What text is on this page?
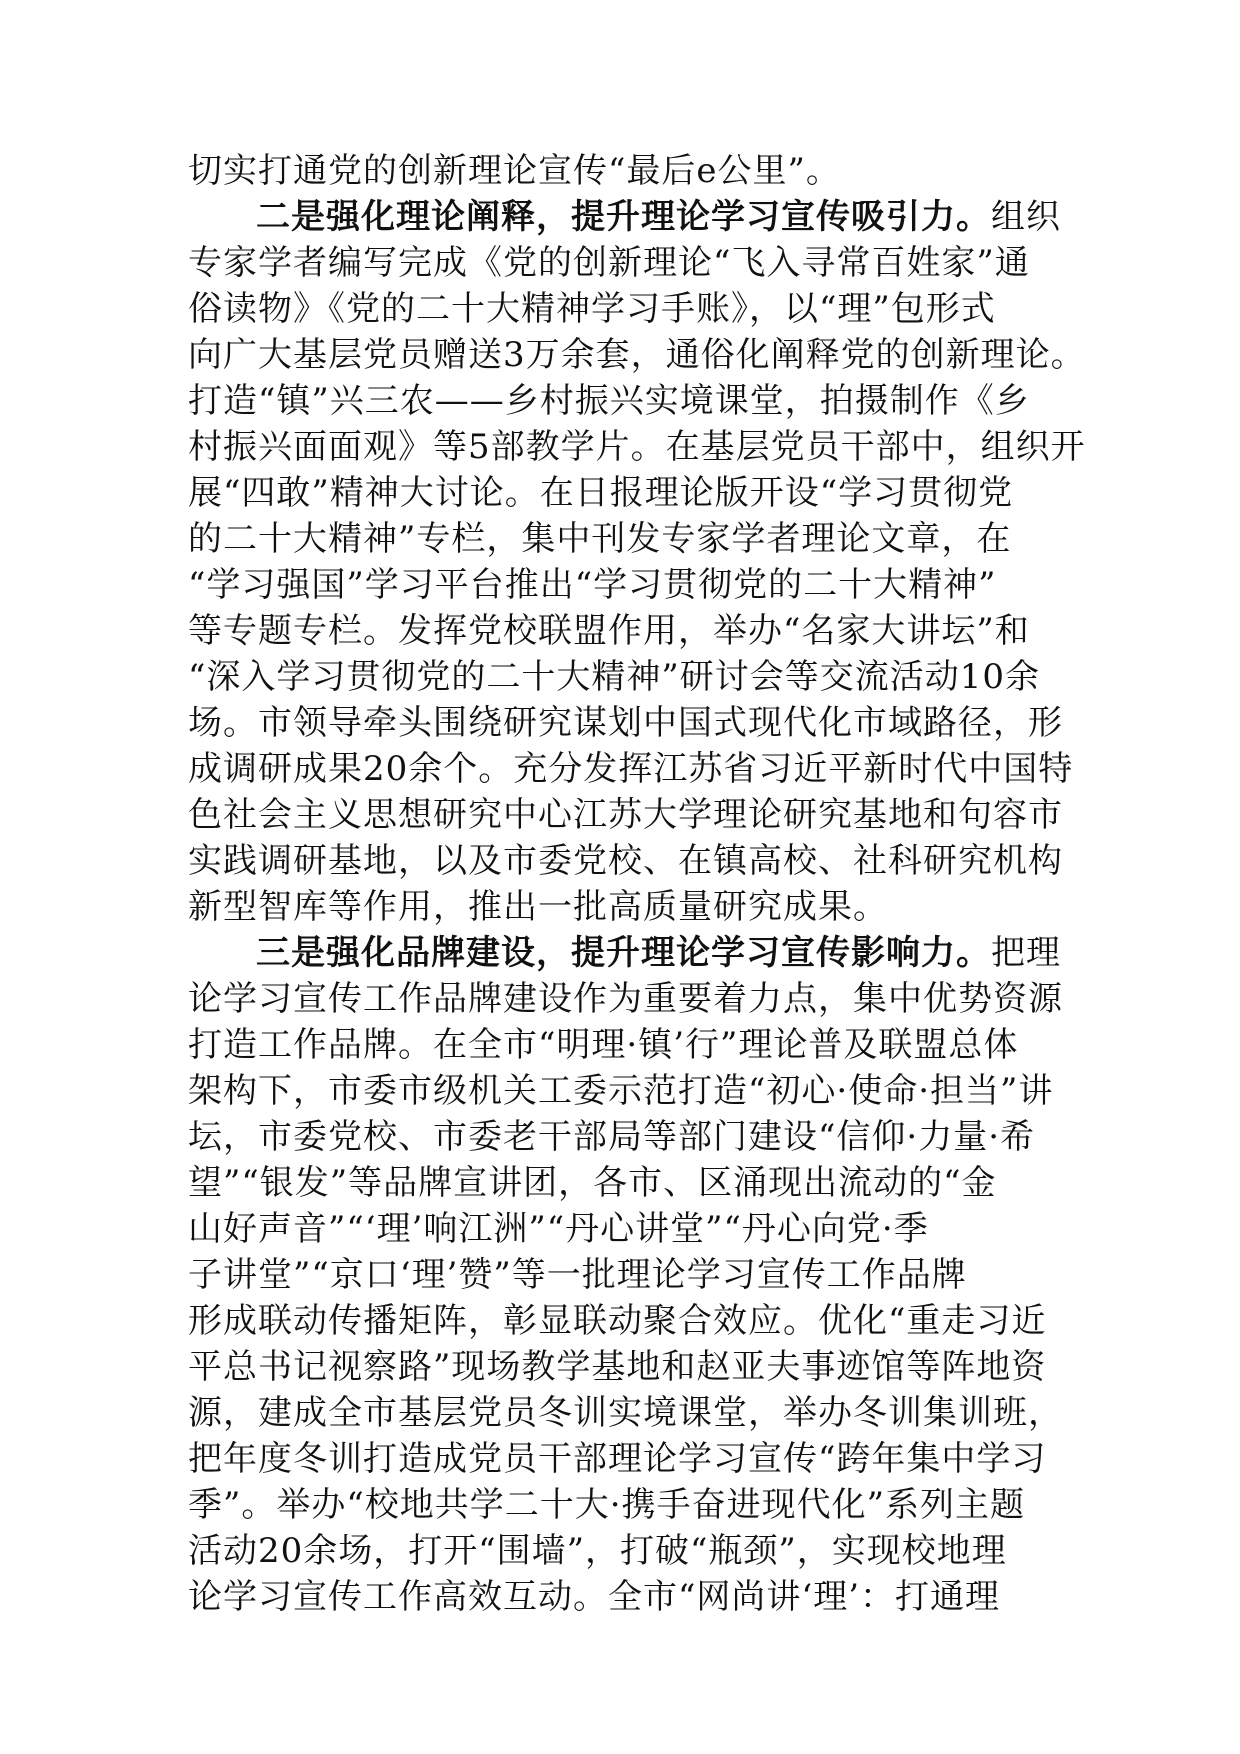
切实打通党的创新理论宣传“最后e公里”。
二是强化理论阐释，提升理论学习宣传吸引力。组织
专家学者编写完成《党的创新理论“飞入寻常百姓家”通
俗读物》《党的二十大精神学习手账》，以“理”包形式
向广大基层党员赠送3万余套，通俗化阐释党的创新理论。
打造“镇”兴三农——乡村振兴实境课堂，拍摄制作《乡
村振兴面面观》等5部教学片。在基层党员干部中，组织开
展“四敢”精神大讨论。在日报理论版开设“学习贯彻党
的二十大精神”专栏，集中刊发专家学者理论文章，在
“学习强国”学习平台推出“学习贯彻党的二十大精神”
等专题专栏。发挥党校联盟作用，举办“名家大讲坛”和
“深入学习贯彻党的二十大精神”研讨会等交流活动10余
场。市领导牵头围绕研究谋划中国式现代化市域路径，形
成调研成果20余个。充分发挥江苏省习近平新时代中国特
色社会主义思想研究中心江苏大学理论研究基地和句容市
实践调研基地，以及市委党校、在镇高校、社科研究机构
新型智库等作用，推出一批高质量研究成果。
三是强化品牌建设，提升理论学习宣传影响力。把理
论学习宣传工作品牌建设作为重要着力点，集中优势资源
打造工作品牌。在全市“明理·镇’行”理论普及联盟总体
架构下，市委市级机关工委示范打造“初心·使命·担当”讲
坛，市委党校、市委老干部局等部门建设“信仰·力量·希
望”“银发”等品牌宣讲团，各市、区涌现出流动的“金
山好声音”“‘理’响江洲”“丹心讲堂”“丹心向党·季
子讲堂”“京口‘理’赞”等一批理论学习宣传工作品牌
形成联动传播矩阵，彰显联动聚合效应。优化“重走习近
平总书记视察路”现场教学基地和赵亚夫事迹馆等阵地资
源，建成全市基层党员冬训实境课堂，举办冬训集训班，
把年度冬训打造成党员干部理论学习宣传“跨年集中学习
季”。举办“校地共学二十大·携手奋进现代化”系列主题
活动20余场，打开“围墙”，打破“瓶颈”，实现校地理
论学习宣传工作高效互动。全市“网尚讲‘理’：打通理
